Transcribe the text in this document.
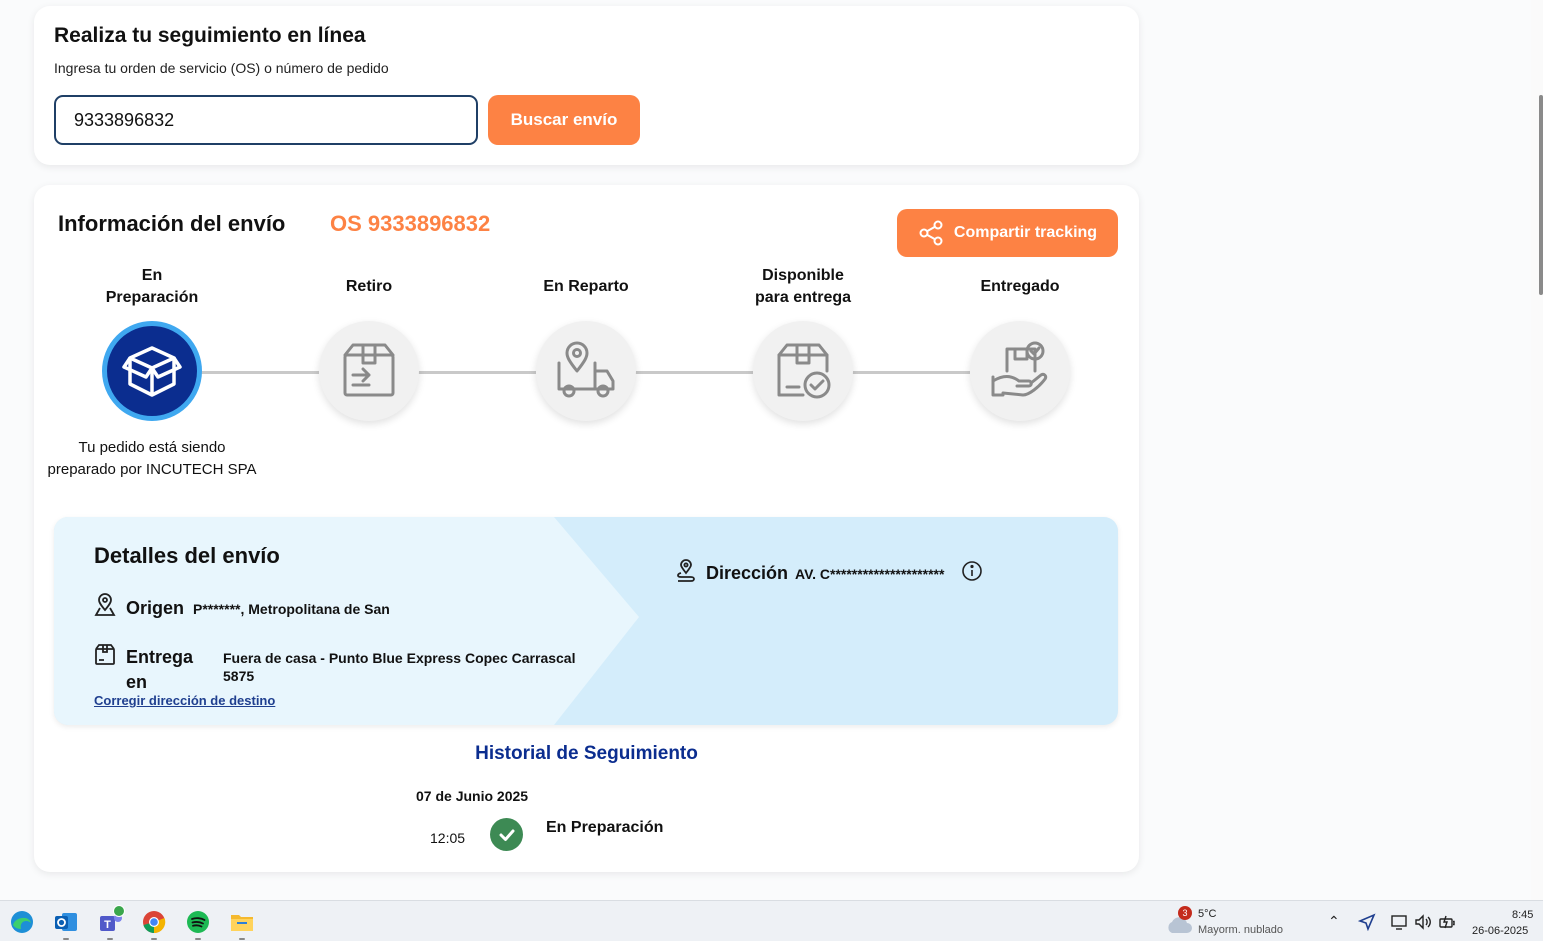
Realiza tu seguimiento en línea
Ingresa tu orden de servicio (OS) o número de pedido
9333896832
Buscar envío
Información del envío OS 9333896832	Compartir tracking
En
Preparación
Tu pedido está siendo
preparado por INCUTECH SPA
Retiro	En Reparto
Disponible
para entrega
Entregado
Detalles del envío
Origen P*******, Metropolitana de San
Entrega
en
Fuera de casa - Punto Blue Express Copec Carrascal
5875
Corregir dirección de destino
Dirección AV. C*********************
Historial de Seguimiento
07 de Junio 2025
12:05
En Preparación
T
3 5°C
Mayorm. nublado
⌃	8:45
26-06-2025
